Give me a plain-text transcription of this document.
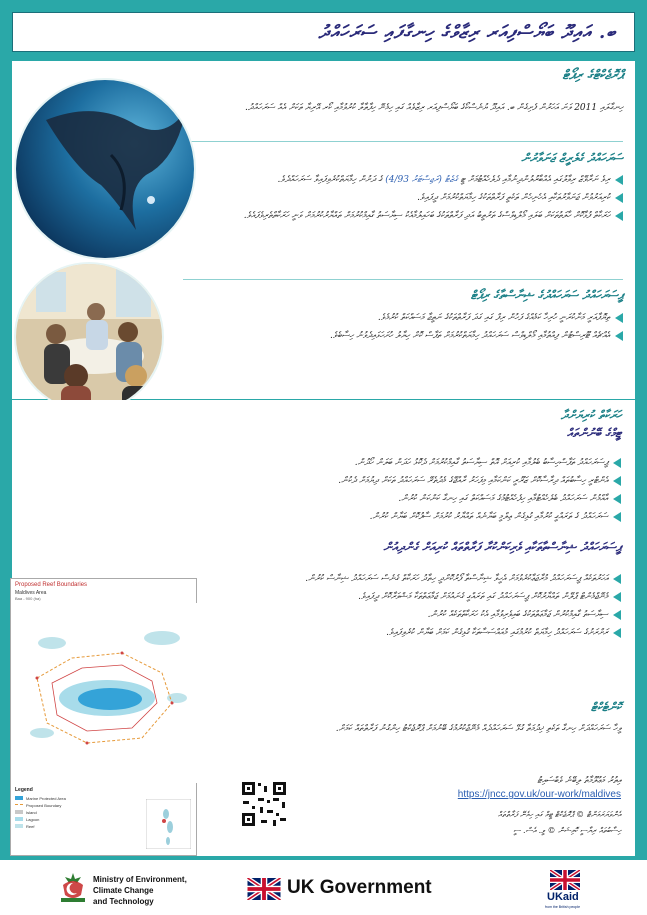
ބ. އައިދޫ ބަޔޯސްފިއަރ ރިޒާވްގެ ހިނގާފައި ސަރަހައްދު
ޕްރޮޖެކްޓްގެ ރިޕޯޓް
ހިނގާލައި 2011 ވަނަ އަހަރުން ފެށިގެން ބ. އައިދޫ ޔުނެސްކޯގެ ބަޔޯސްފިއަރ ރިޒާވެއް ގައި ހިމެނޭ ހިފާތާލާ ކުރުވުމާއި ކޯރ އޭރިޔާ ތަކަށް އެއް ސަރަހައްދު.
ސަރަހައްދު ގެލެރީޒް ޖަނަވާރުން
ރިވެ ނަރާވޭޒް ރިވާލުގައި އެއްބާރުލުންދިނުމާއި ދެލެހެއްޓުމަށް ޓީ ގެޒެޓު (ރަޖިސްޓަރު 4/93) ގެ ދަށުން ހިމާޔަތްކުރެވިފައިވާ ސަރަހައްދެވެ.
ކުރިއަރުވުން ޖަނަވާރުތަކާއި އެހެނިހެން ތަކެތީ ފަރާތްތަކުގެ ހިމާޔަތްކުރުމަށް ދީފައިވެ.
ހަރަކާތް ފުޅާކޮށް ހާލަތުތަކަށް ބަލައި މޯލްޑިވްސްގެ ތަރުތީބު އަދި ފަރާތްތަކުގެ ބަހައިލުމާއެކު ސިޔާސަތު ގާއިމްކުރުމަށް ތައްޔާރުކުރުމަށް ވަނީ ހަރަކާތްތެރިވެފައެވެ.
ޕީސަރަހައްދު ސަރަހައްދުގެ ޝިނާސްތާގެ ރިޕޯޓް
ތިޔޮފާއަރީ މަނާކުރަނީ ހުރިހާ ކަމެއްގެ ފަހުން ރިފް ގައި ގަދަ ފަރާތްތަކުގެ ނަތީޖާ މަސައްކަތް ކުރުމެވެ.
އެއްޗެއް ޓޫރިސްޓުން ފިއްތުމާއި މޯލްޑިވްސް ސަރަހައްދު ހިމާޔަތްކުރުމަށް ތަފާސް ކޮށް ހިޔާލު ހުށަހަޅައިދެވުނު ހިސާބެވެ.
ހަރަކާތް ކުރިޔަށްދާ
ޓީމްގެ ބޭނުންތައް
ޕީސަރަހައްދު ތަފާސްހިސާބު ބެލުމާއި ކުރިއަށް އޮތް ސިޔާސަތު ގާއިމްކުރުމަށް ދެކޮޅު ހަދަން ބަލަން ހޯދުން.
އެންޓްރީ ހިސާބުތައް ދިރާސާކޮށް ޒަރޫރީ ކަންކަމާއި މިފަހަރު ރާއްޖޭގެ މެދުތެރޭ ސަރަހައްދު ތަކަށް ދިޔުމަށް ދެކުން.
އާއްމުން ސަރަހައްދު ބެލެހެއްޓުމާއި ހިފެހެއްޓުމުގެ މަސައްކަތް ގައި ހިނގާ ކަންކަން ކުރުން.
ސަރަހައްދު ގެ ތަރައްގީ ކުރުމާއި ގުޅިގެން ޢިލްމީ ބަޔާނެއް ތައްޔާރު ކުރުމަށް ސާފުކޮށް ބަޔާން ކުރުން.
ޕީސަރަހައްދު ޝިނާސްތާތަކާއި ވެރިކަންކުރާ ފަރާތްތައް ކުރިއަށް ގެންދިއުން
އަހަރުތަކެއް ޕީސަރަހައްދު މުރާޖަޢާކުރެވުމަށް އެހީވާ ޝިނާސްތާ ފޯރުކޮށްދީ ހިތާދު ހަރަކާތް ގެނެސް ސަރަހައްދު ޝިނާސް ކުރުން.
މެނޭޖްމެންޓް ޕްލޭން ތައްޔާރުކޮށް ޕީސަރަހައްދު ގައި ތަރައްގީ ގެނައުމަށް ޖަމާޢަތްތަކާ މަޝްވަރާކޮށް ދީފައިވެ.
ސިޔާސަތު ގާއިމްކުރުން ޖަމާޢަތްތަކުގެ ބައިވެރިވުމާއި އެކު ހަރަކާތްތަކެއް ކުރުން.
ރަށްރަށުގެ ސަރަހައްދު ހިމާޔަތް ކުރުމުގައި މުއައްސަސާތަކާ ގުޅިގެން ކަމަށް ބަޔާން ކުރެވިފައިވެ.
ކޮންޓެކްޓް
ވީހާ ސަރަހައްދަށް ހިނގާ ތަކެތި ޚިދުމަތާ ގުޅޭ ސަރަހައްދެއް މެނޭޖްކުރުމުގެ ބޭނުމަށް ޕްރޮޖެކްޓު ހިންގުނު ފަރާތްތައް ކަމަށް.
އިތުރު މަޢުލޫމާތު ލިބޭނެ ވެބްސައިޓު
https://jncc.gov.uk/our-work/maldives
އެންވަޔަރަމަންޓް © ޕްރޮޖެކްޓް ޓީމް ގައި ހިމެނޭ ފަރާތްތައް
ހިސާބުތައް ރިޔާސީ ކޮމިޝަން © ވީ. އެސް. ސީ
Proposed Reef Boundaries
Maldives Area
Baa - 900 (ha)
Legend
Marine Protected Area
Proposed Boundary
Island
Lagoon
Reef
Ministry of Environment,
Climate Change
and Technology
UK Government	UKaid
from the British people
